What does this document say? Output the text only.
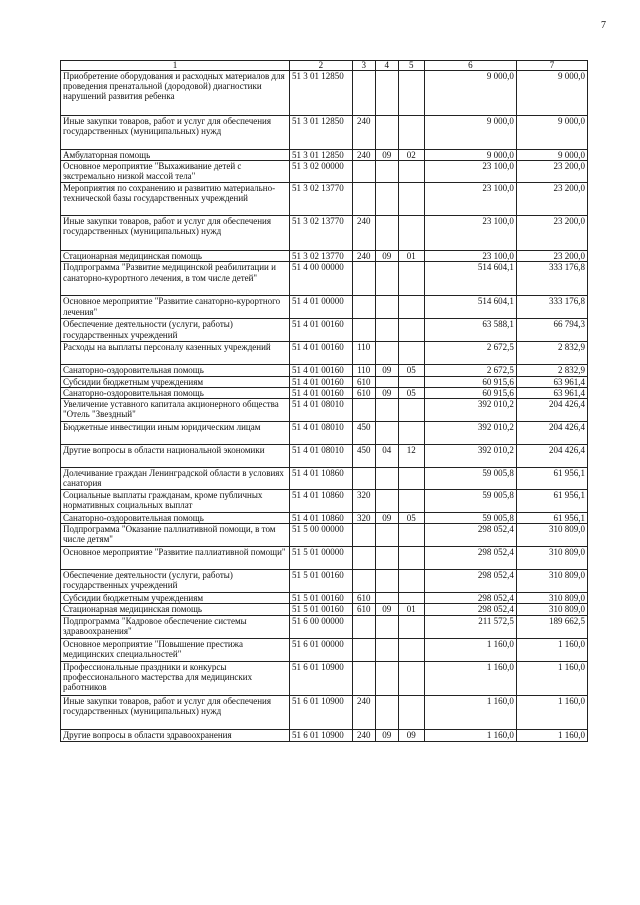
7
1	2	3	4	5	6	7
Приобретение оборудования и расходных материалов для проведения пренатальной (дородовой) диагностики нарушений развития ребенка	51 3 01 12850				9 000,0	9 000,0
Иные закупки товаров, работ и услуг для обеспечения государственных (муниципальных) нужд	51 3 01 12850	240			9 000,0	9 000,0
Амбулаторная помощь	51 3 01 12850	240	09	02	9 000,0	9 000,0
Основное мероприятие "Выхаживание детей с экстремально низкой массой тела"	51 3 02 00000				23 100,0	23 200,0
Мероприятия по сохранению и развитию материально-технической базы государственных учреждений	51 3 02 13770				23 100,0	23 200,0
Иные закупки товаров, работ и услуг для обеспечения государственных (муниципальных) нужд	51 3 02 13770	240			23 100,0	23 200,0
Стационарная медицинская помощь	51 3 02 13770	240	09	01	23 100,0	23 200,0
Подпрограмма "Развитие медицинской реабилитации и санаторно-курортного лечения, в том числе детей"	51 4 00 00000				514 604,1	333 176,8
Основное мероприятие "Развитие санаторно-курортного лечения"	51 4 01 00000				514 604,1	333 176,8
Обеспечение деятельности (услуги, работы) государственных учреждений	51 4 01 00160				63 588,1	66 794,3
Расходы на выплаты персоналу казенных учреждений	51 4 01 00160	110			2 672,5	2 832,9
Санаторно-оздоровительная помощь	51 4 01 00160	110	09	05	2 672,5	2 832,9
Субсидии бюджетным учреждениям	51 4 01 00160	610			60 915,6	63 961,4
Санаторно-оздоровительная помощь	51 4 01 00160	610	09	05	60 915,6	63 961,4
Увеличение уставного капитала акционерного общества "Отель "Звездный"	51 4 01 08010				392 010,2	204 426,4
Бюджетные инвестиции иным юридическим лицам	51 4 01 08010	450			392 010,2	204 426,4
Другие вопросы в области национальной экономики	51 4 01 08010	450	04	12	392 010,2	204 426,4
Долечивание граждан Ленинградской области в условиях санатория	51 4 01 10860				59 005,8	61 956,1
Социальные выплаты гражданам, кроме публичных нормативных социальных выплат	51 4 01 10860	320			59 005,8	61 956,1
Санаторно-оздоровительная помощь	51 4 01 10860	320	09	05	59 005,8	61 956,1
Подпрограмма "Оказание паллиативной помощи, в том числе детям"	51 5 00 00000				298 052,4	310 809,0
Основное мероприятие "Развитие паллиативной помощи"	51 5 01 00000				298 052,4	310 809,0
Обеспечение деятельности (услуги, работы) государственных учреждений	51 5 01 00160				298 052,4	310 809,0
Субсидии бюджетным учреждениям	51 5 01 00160	610			298 052,4	310 809,0
Стационарная медицинская помощь	51 5 01 00160	610	09	01	298 052,4	310 809,0
Подпрограмма "Кадровое обеспечение системы здравоохранения"	51 6 00 00000				211 572,5	189 662,5
Основное мероприятие "Повышение престижа медицинских специальностей"	51 6 01 00000				1 160,0	1 160,0
Профессиональные праздники и конкурсы профессионального мастерства для медицинских работников	51 6 01 10900				1 160,0	1 160,0
Иные закупки товаров, работ и услуг для обеспечения государственных (муниципальных) нужд	51 6 01 10900	240			1 160,0	1 160,0
Другие вопросы в области здравоохранения	51 6 01 10900	240	09	09	1 160,0	1 160,0
